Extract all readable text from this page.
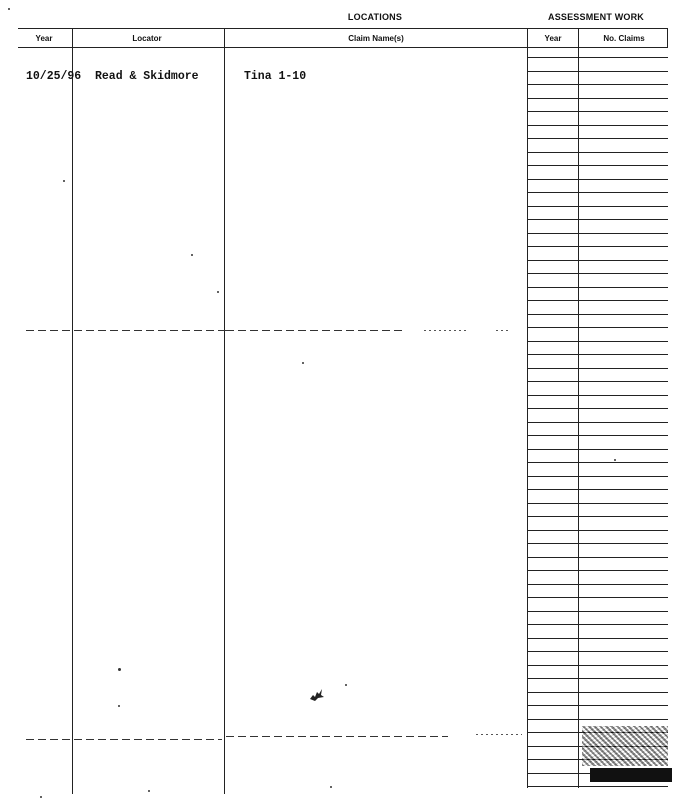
LOCATIONS	ASSESSMENT WORK
Year	Locator	Claim Name(s)	Year	No. Claims
10/25/96 Read & Skidmore	Tina 1-10
